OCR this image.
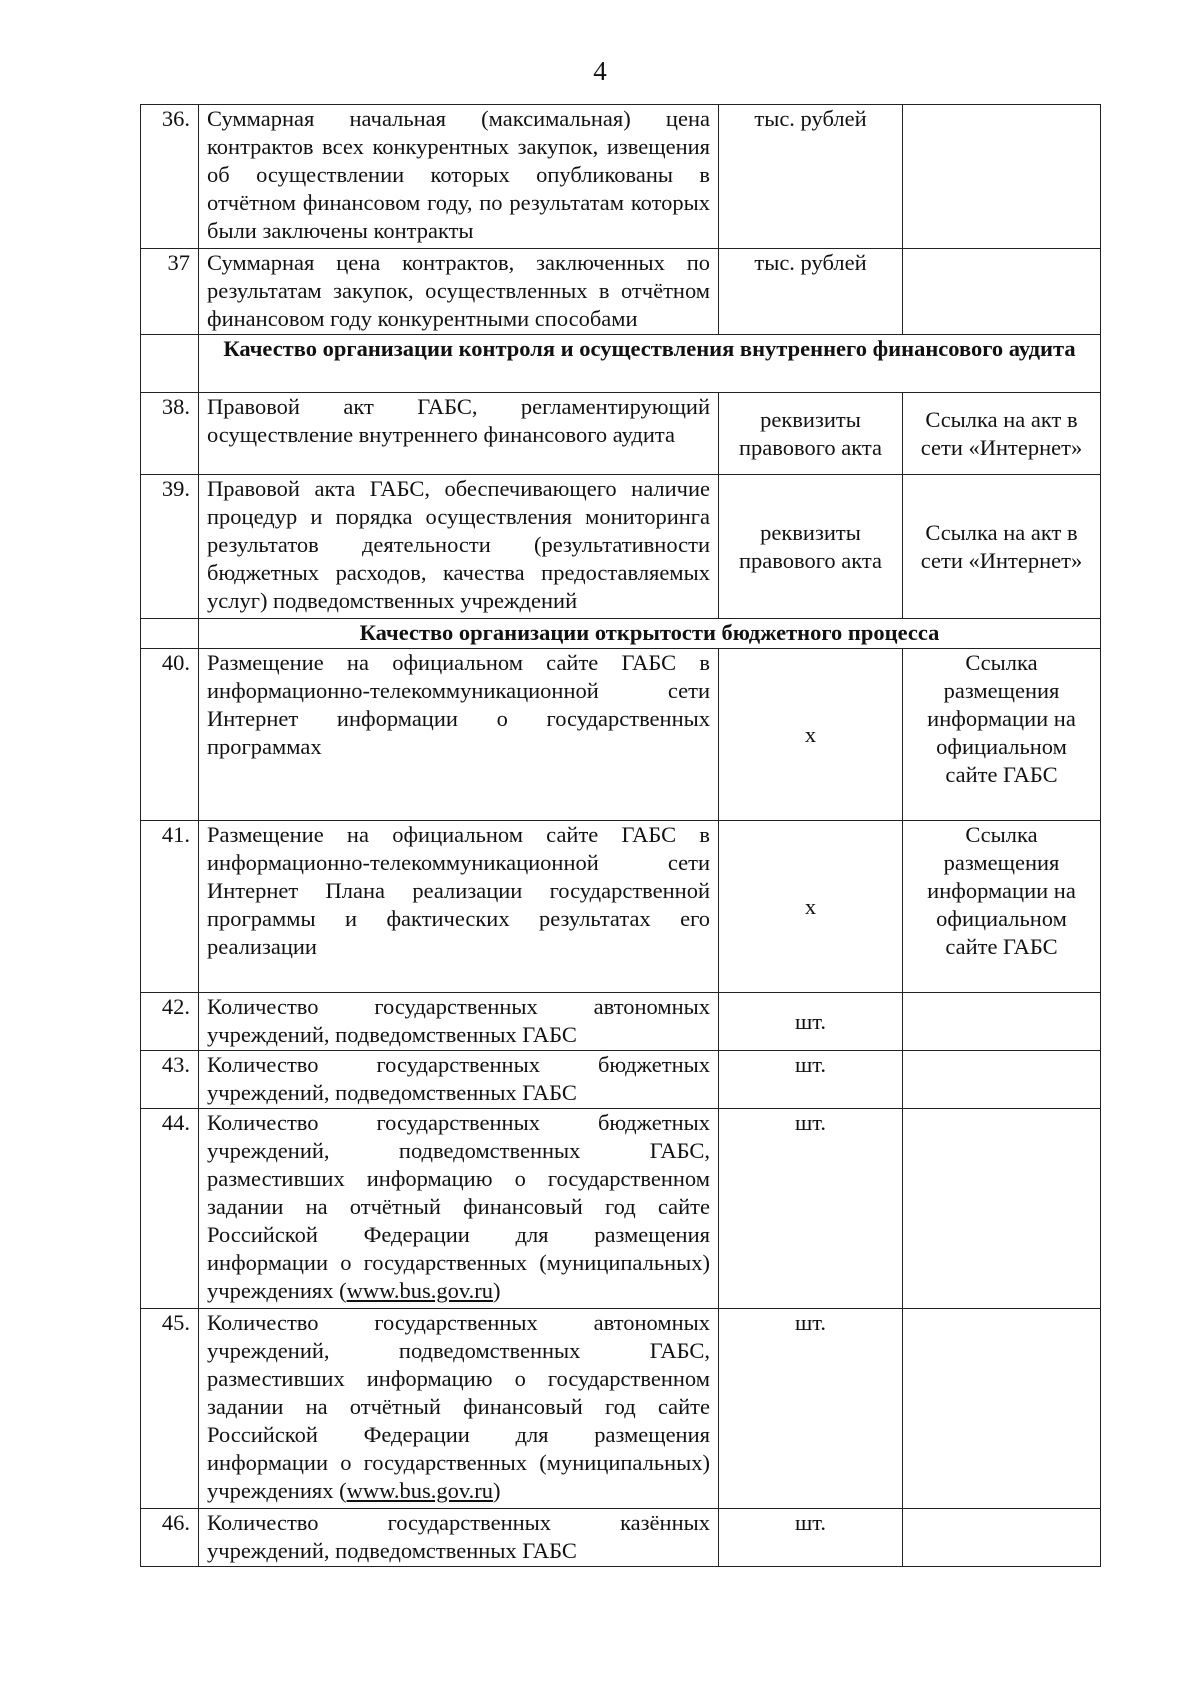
4
36.	Суммарная начальная (максимальная) цена контрактов всех конкурентных закупок, извещения об осуществлении которых опубликованы в отчётном финансовом году, по результатам которых были заключены контракты	тыс. рублей	
37	Суммарная цена контрактов, заключенных по результатам закупок, осуществленных в отчётном финансовом году конкурентными способами	тыс. рублей	
	Качество организации контроля и осуществления внутреннего финансового аудита		
38.	Правовой акт ГАБС, регламентирующий осуществление внутреннего финансового аудита	реквизиты правового акта	Ссылка на акт в сети «Интернет»
39.	Правовой акта ГАБС, обеспечивающего наличие процедур и порядка осуществления мониторинга результатов деятельности (результативности бюджетных расходов, качества предоставляемых услуг) подведомственных учреждений	реквизиты правового акта	Ссылка на акт в сети «Интернет»
	Качество организации открытости бюджетного процесса		
40.	Размещение на официальном сайте ГАБС в информационно-телекоммуникационной сети Интернет информации о государственных программах	х	Ссылка размещения информации на официальном сайте ГАБС
41.	Размещение на официальном сайте ГАБС в информационно-телекоммуникационной сети Интернет Плана реализации государственной программы и фактических результатах его реализации	х	Ссылка размещения информации на официальном сайте ГАБС
42.	Количество государственных автономных учреждений, подведомственных ГАБС	шт.	
43.	Количество государственных бюджетных учреждений, подведомственных ГАБС	шт.	
44.	Количество государственных бюджетных учреждений, подведомственных ГАБС, разместивших информацию о государственном задании на отчётный финансовый год сайте Российской Федерации для размещения информации о государственных (муниципальных) учреждениях (www.bus.gov.ru)	шт.	
45.	Количество государственных автономных учреждений, подведомственных ГАБС, разместивших информацию о государственном задании на отчётный финансовый год сайте Российской Федерации для размещения информации о государственных (муниципальных) учреждениях (www.bus.gov.ru)	шт.	
46.	Количество государственных казённых учреждений, подведомственных ГАБС	шт.	
